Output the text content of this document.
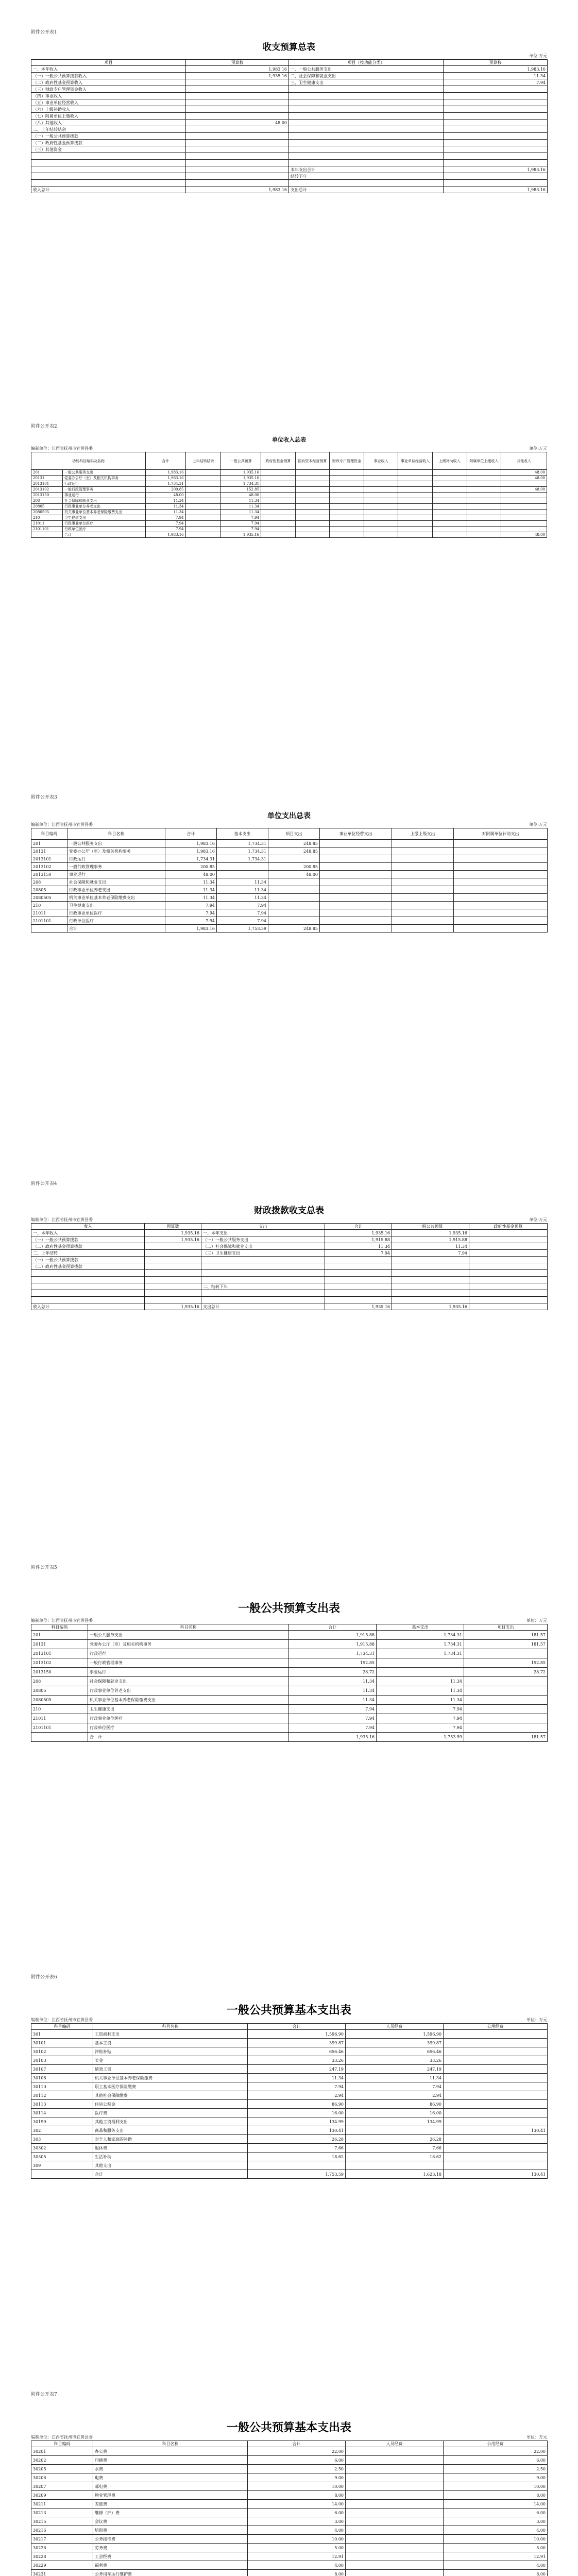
附件公开表1
收支预算总表
单位:万元
项目	预算数	项目（按功能分类）	预算数
一、本年收入	1,983.16	一、一般公共服务支出	1,983.16
（一）一般公共预算拨款收入	1,935.16	二、社会保障和就业支出	11.34
（二）政府性基金预算收入		三、卫生健康支出	7.94
（三）财政专户管理资金收入			
（四）事业收入			
（五）事业单位经营收入			
（六）上级补助收入			
（七）附属单位上缴收入			
（八）其他收入	48.00		
二、上年结转结余			
（一）一般公共预算拨款			
（二）政府性基金预算拨款			
（三）其他资金			

		本年支出合计	1,983.16
		结转下年	

收入总计	1,983.16	支出总计	1,983.16
附件公开表2
单位收入总表
编制单位：江西省抚州市宜黄县委	单位:万元
功能科目编码及名称		合计	上年结转结余	一般公共预算	政府性基金预算	国有资本经营预算	财政专户管理资金	事业收入	事业单位经营收入	上级补助收入	附属单位上缴收入	其他收入
201	一般公共服务支出	1,983.16		1,935.16								48.00
20131	党委办公厅（室）及相关机构事务	1,983.16		1,935.16								48.00
2013101	行政运行	1,734.31		1,734.31								
2013102	一般行政管理事务	200.85		152.85								48.00
2013150	事业运行	48.00		48.00								
208	社会保障和就业支出	11.34		11.34								
20805	行政事业单位养老支出	11.34		11.34								
2080505	机关事业单位基本养老保险缴费支出	11.34		11.34								
210	卫生健康支出	7.94		7.94								
21011	行政事业单位医疗	7.94		7.94								
2101101	行政单位医疗	7.94		7.94								
	合计	1,983.16		1,935.16								48.00
附件公开表3
单位支出总表
编制单位：江西省抚州市宜黄县委	单位:万元
科目编码	科目名称	合计	基本支出	项目支出	事业单位经营支出	上缴上级支出	对附属单位补助支出
201	一般公共服务支出	1,983.16	1,734.31	248.85			
20131	党委办公厅（室）及相关机构事务	1,983.16	1,734.31	248.85			
2013101	行政运行	1,734.31	1,734.31				
2013102	一般行政管理事务	200.85		200.85			
2013150	事业运行	48.00		48.00			
208	社会保障和就业支出	11.34	11.34				
20805	行政事业单位养老支出	11.34	11.34				
2080505	机关事业单位基本养老保险缴费支出	11.34	11.34				
210	卫生健康支出	7.94	7.94				
21011	行政事业单位医疗	7.94	7.94				
2101101	行政单位医疗	7.94	7.94				
	合计	1,983.16	1,753.59	248.85			
附件公开表4
财政拨款收支总表
编制单位：江西省抚州市宜黄县委	单位:万元
收入	预算数	支出	合计	一般公共预算	政府性基金预算
一、本年收入	1,935.16	一、本年支出	1,935.16	1,935.16	
（一）一般公共预算拨款	1,935.16	（一）一般公共服务支出	1,915.88	1,915.88	
（二）政府性基金预算拨款		（二）社会保障和就业支出	11.34	11.34	
二、上年结转		（三）卫生健康支出	7.94	7.94	
（一）一般公共预算拨款					
（二）政府性基金预算拨款					

		二、结转下年			

收入总计	1,935.16	支出总计	1,935.16	1,935.16	
附件公开表5
一般公共预算支出表
编制单位：江西省抚州市宜黄县委	单位：万元
科目编码	科目名称	合计	基本支出	项目支出
201	一般公共服务支出	1,915.88	1,734.31	181.57
20131	党委办公厅（室）及相关机构事务	1,915.88	1,734.31	181.57
2013101	行政运行	1,734.31	1,734.31	
2013102	一般行政管理事务	152.85		152.85
2013150	事业运行	28.72		28.72
208	社会保障和就业支出	11.34	11.34	
20805	行政事业单位养老支出	11.34	11.34	
2080505	机关事业单位基本养老保险缴费支出	11.34	11.34	
210	卫生健康支出	7.94	7.94	
21011	行政事业单位医疗	7.94	7.94	
2101101	行政单位医疗	7.94	7.94	
	合　计	1,935.16	1,753.59	181.57
附件公开表6
一般公共预算基本支出表
编制单位：江西省抚州市宜黄县委	单位：万元
科目编码	科目名称	合计	人员经费	公用经费
301	工资福利支出	1,596.90	1,596.90	
30101	基本工资	399.87	399.87	
30102	津贴补贴	656.46	656.46	
30103	奖金	33.26	33.26	
30107	绩效工资	247.19	247.19	
30108	机关事业单位基本养老保险缴费	11.34	11.34	
30110	职工基本医疗保险缴费	7.94	7.94	
30112	其他社会保障缴费	2.94	2.94	
30113	住房公积金	86.90	86.90	
30114	医疗费	16.00	16.00	
30199	其他工资福利支出	134.99	134.99	
302	商品和服务支出	130.41		130.41
303	对个人和家庭的补助	26.28	26.28	
30302	退休费	7.66	7.66	
30305	生活补助	18.62	18.62	
309	其他支出			
	合计	1,753.59	1,623.18	130.41
附件公开表7
一般公共预算基本支出表
编制单位：江西省抚州市宜黄县委	单位：万元
科目编码	科目名称	合计	人员经费	公用经费
30201	办公费	22.00		22.00
30202	印刷费	6.00		6.00
30205	水费	2.50		2.50
30206	电费	9.00		9.00
30207	邮电费	10.00		10.00
30209	物业管理费	8.00		8.00
30211	差旅费	14.00		14.00
30213	维修（护）费	6.00		6.00
30215	会议费	3.00		3.00
30216	培训费	4.00		4.00
30217	公务接待费	10.00		10.00
30226	劳务费	5.00		5.00
30228	工会经费	12.91		12.91
30229	福利费	4.00		4.00
30231	公务用车运行维护费	8.00		8.00
